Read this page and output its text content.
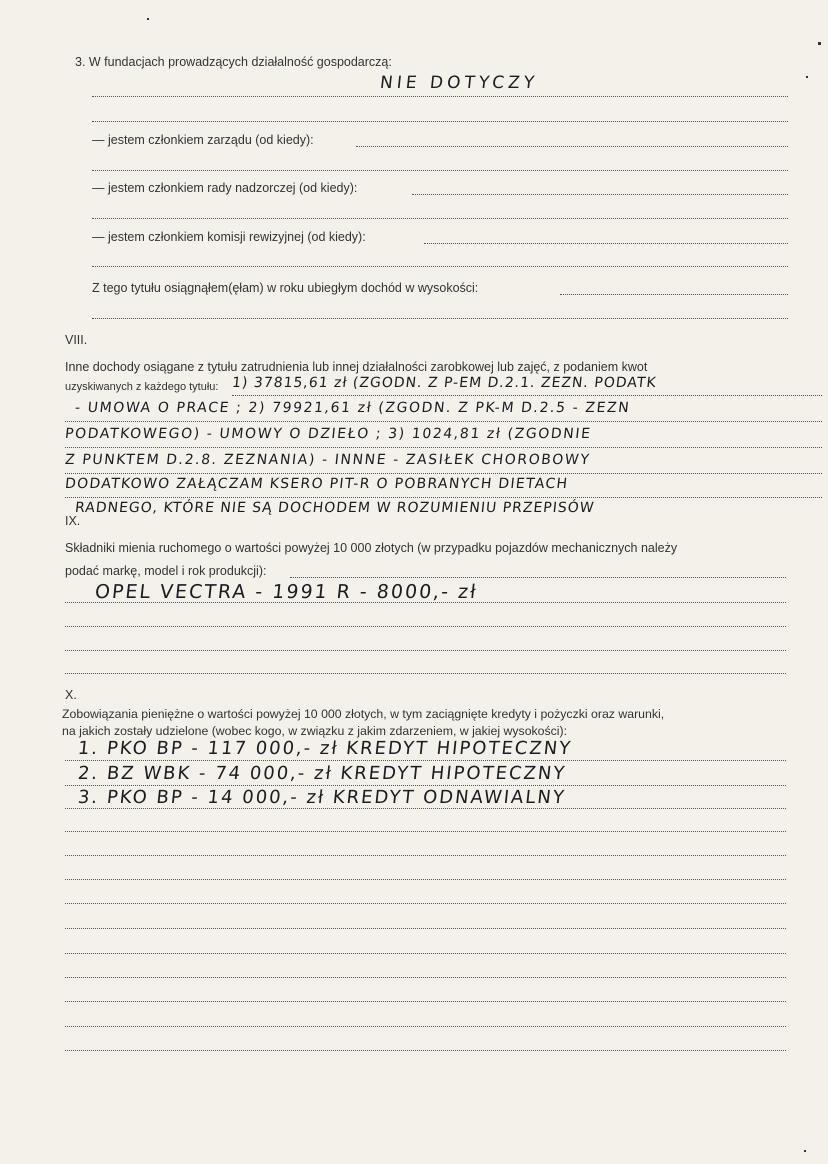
3. W fundacjach prowadzących działalność gospodarczą:
NIE DOTYCZY
— jestem członkiem zarządu (od kiedy):
— jestem członkiem rady nadzorczej (od kiedy):
— jestem członkiem komisji rewizyjnej (od kiedy):
Z tego tytułu osiągnąłem(ęłam) w roku ubiegłym dochód w wysokości:
VIII.
Inne dochody osiągane z tytułu zatrudnienia lub innej działalności zarobkowej lub zajęć, z podaniem kwot
uzyskiwanych z każdego tytułu: 1) 37815,61 zł (ZGODN. Z P-EM D.2.1. ZEZN. PODATK
- UMOWA O PRACE ; 2) 79921,61 zł (ZGODN. Z PK-M D.2.5 - ZEZN
PODATKOWEGO) - UMOWY O DZIEŁO ; 3) 1024,81 zł (ZGODNIE
Z PUNKTEM D.2.8. ZEZNANIA) - INNNE - ZASIŁEK CHOROBOWY
DODATKOWO ZAŁĄCZAM KSERO PIT-R O POBRANYCH DIETACH
RADNEGO, KTÓRE NIE SĄ DOCHODEM W ROZUMIENIU PRZEPISÓW
IX.
Składniki mienia ruchomego o wartości powyżej 10 000 złotych (w przypadku pojazdów mechanicznych należy
podać markę, model i rok produkcji):
OPEL VECTRA - 1991 R - 8000,- zł
X.
Zobowiązania pieniężne o wartości powyżej 10 000 złotych, w tym zaciągnięte kredyty i pożyczki oraz warunki,
na jakich zostały udzielone (wobec kogo, w związku z jakim zdarzeniem, w jakiej wysokości):
1. PKO BP - 117 000,- zł KREDYT HIPOTECZNY
2. BZ WBK - 74 000,- zł KREDYT HIPOTECZNY
3. PKO BP - 14 000,- zł KREDYT ODNAWIALNY
